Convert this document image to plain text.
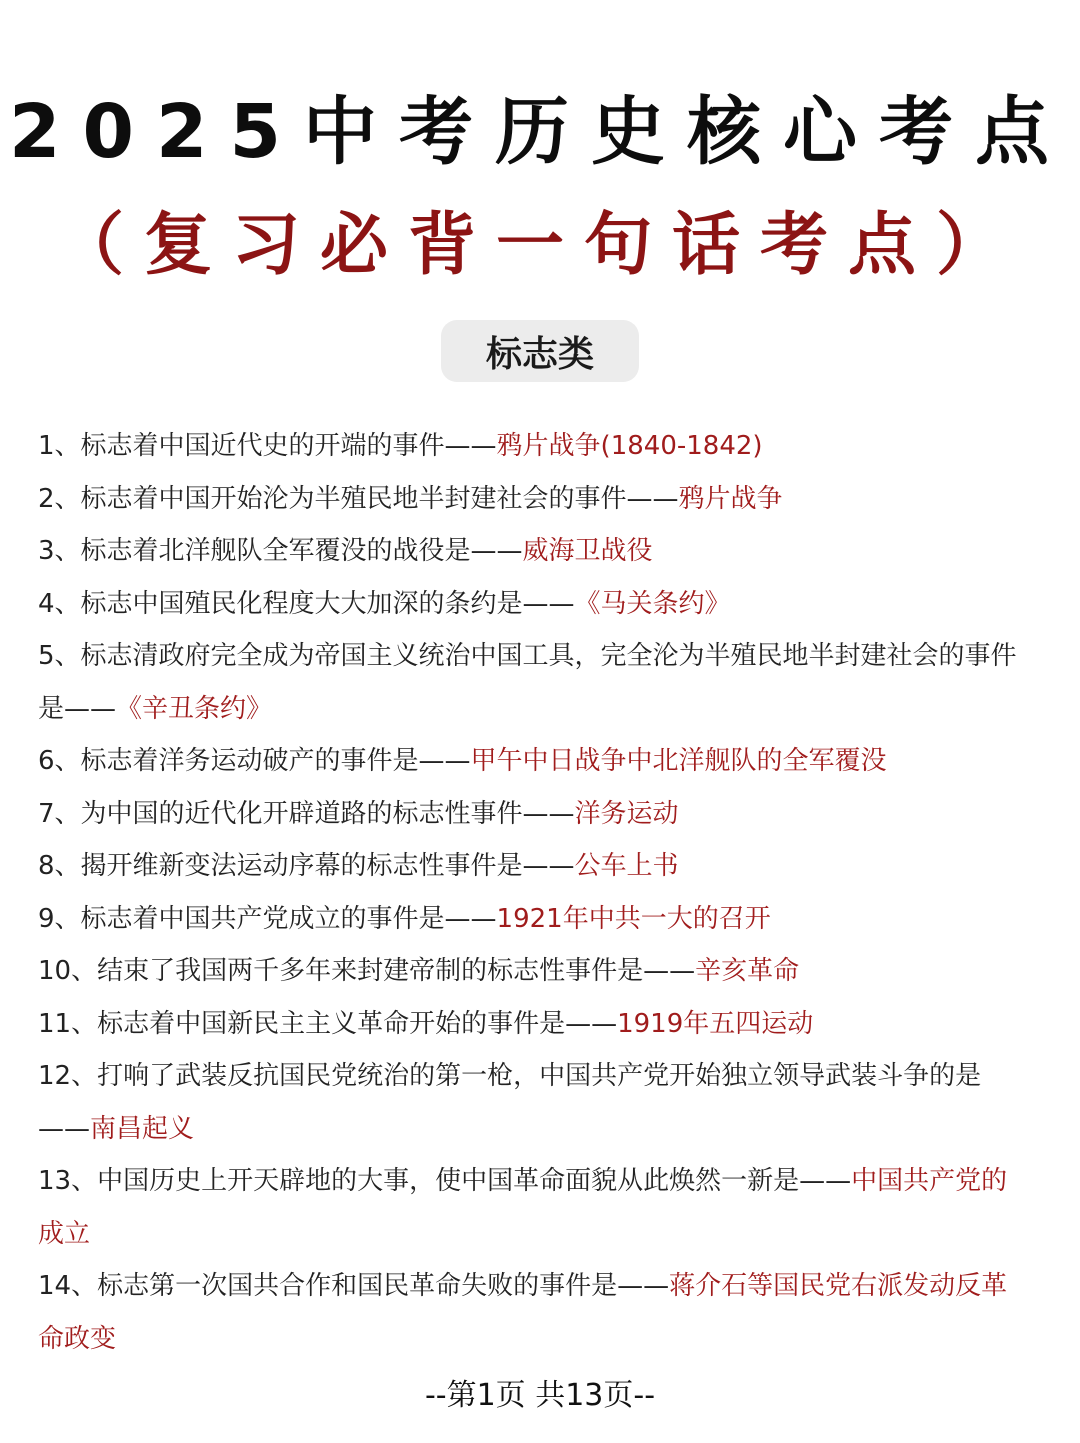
2025中考历史核心考点
（复习必背一句话考点）
标志类
1、标志着中国近代史的开端的事件——鸦片战争(1840-1842)
2、标志着中国开始沦为半殖民地半封建社会的事件——鸦片战争
3、标志着北洋舰队全军覆没的战役是——威海卫战役
4、标志中国殖民化程度大大加深的条约是——《马关条约》
5、标志清政府完全成为帝国主义统治中国工具，完全沦为半殖民地半封建社会的事件是——《辛丑条约》
6、标志着洋务运动破产的事件是——甲午中日战争中北洋舰队的全军覆没
7、为中国的近代化开辟道路的标志性事件——洋务运动
8、揭开维新变法运动序幕的标志性事件是——公车上书
9、标志着中国共产党成立的事件是——1921年中共一大的召开
10、结束了我国两千多年来封建帝制的标志性事件是——辛亥革命
11、标志着中国新民主主义革命开始的事件是——1919年五四运动
12、打响了武装反抗国民党统治的第一枪，中国共产党开始独立领导武装斗争的是——南昌起义
13、中国历史上开天辟地的大事，使中国革命面貌从此焕然一新是——中国共产党的成立
14、标志第一次国共合作和国民革命失败的事件是——蒋介石等国民党右派发动反革命政变
--第1页 共13页--
